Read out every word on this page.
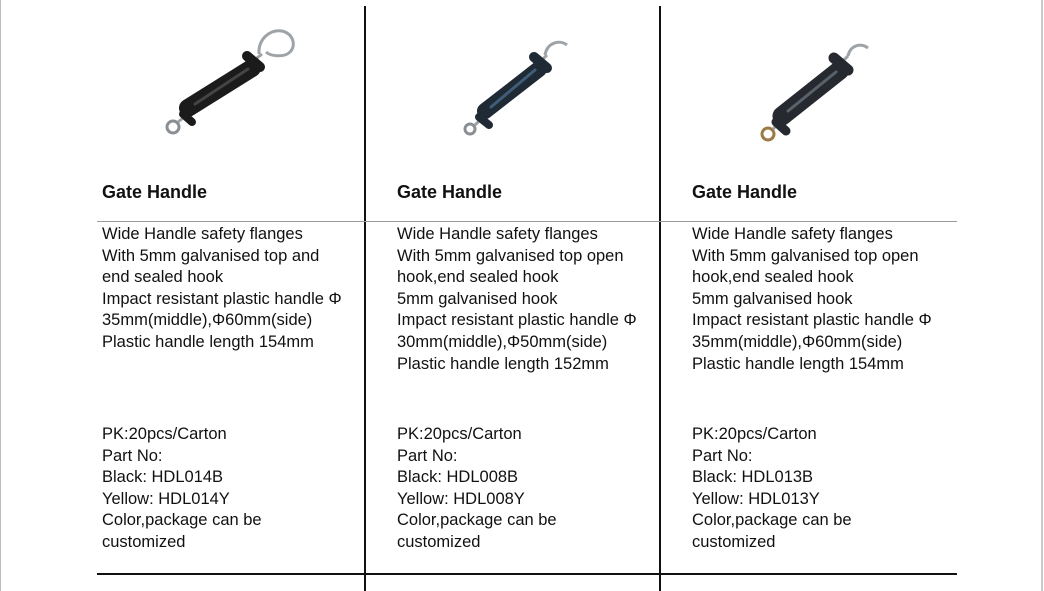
Gate Handle
Wide Handle safety flanges
With 5mm galvanised top and
end sealed hook
Impact resistant plastic handle Φ
35mm(middle),Φ60mm(side)
Plastic handle length 154mm
PK:20pcs/Carton
Part No:
Black: HDL014B
Yellow: HDL014Y
Color,package can be
customized
Gate Handle
Wide Handle safety flanges
With 5mm galvanised top open
hook,end sealed hook
5mm galvanised hook
Impact resistant plastic handle Φ
30mm(middle),Φ50mm(side)
Plastic handle length 152mm
PK:20pcs/Carton
Part No:
Black: HDL008B
Yellow: HDL008Y
Color,package can be
customized
Gate Handle
Wide Handle safety flanges
With 5mm galvanised top open
hook,end sealed hook
5mm galvanised hook
Impact resistant plastic handle Φ
35mm(middle),Φ60mm(side)
Plastic handle length 154mm
PK:20pcs/Carton
Part No:
Black: HDL013B
Yellow: HDL013Y
Color,package can be
customized
